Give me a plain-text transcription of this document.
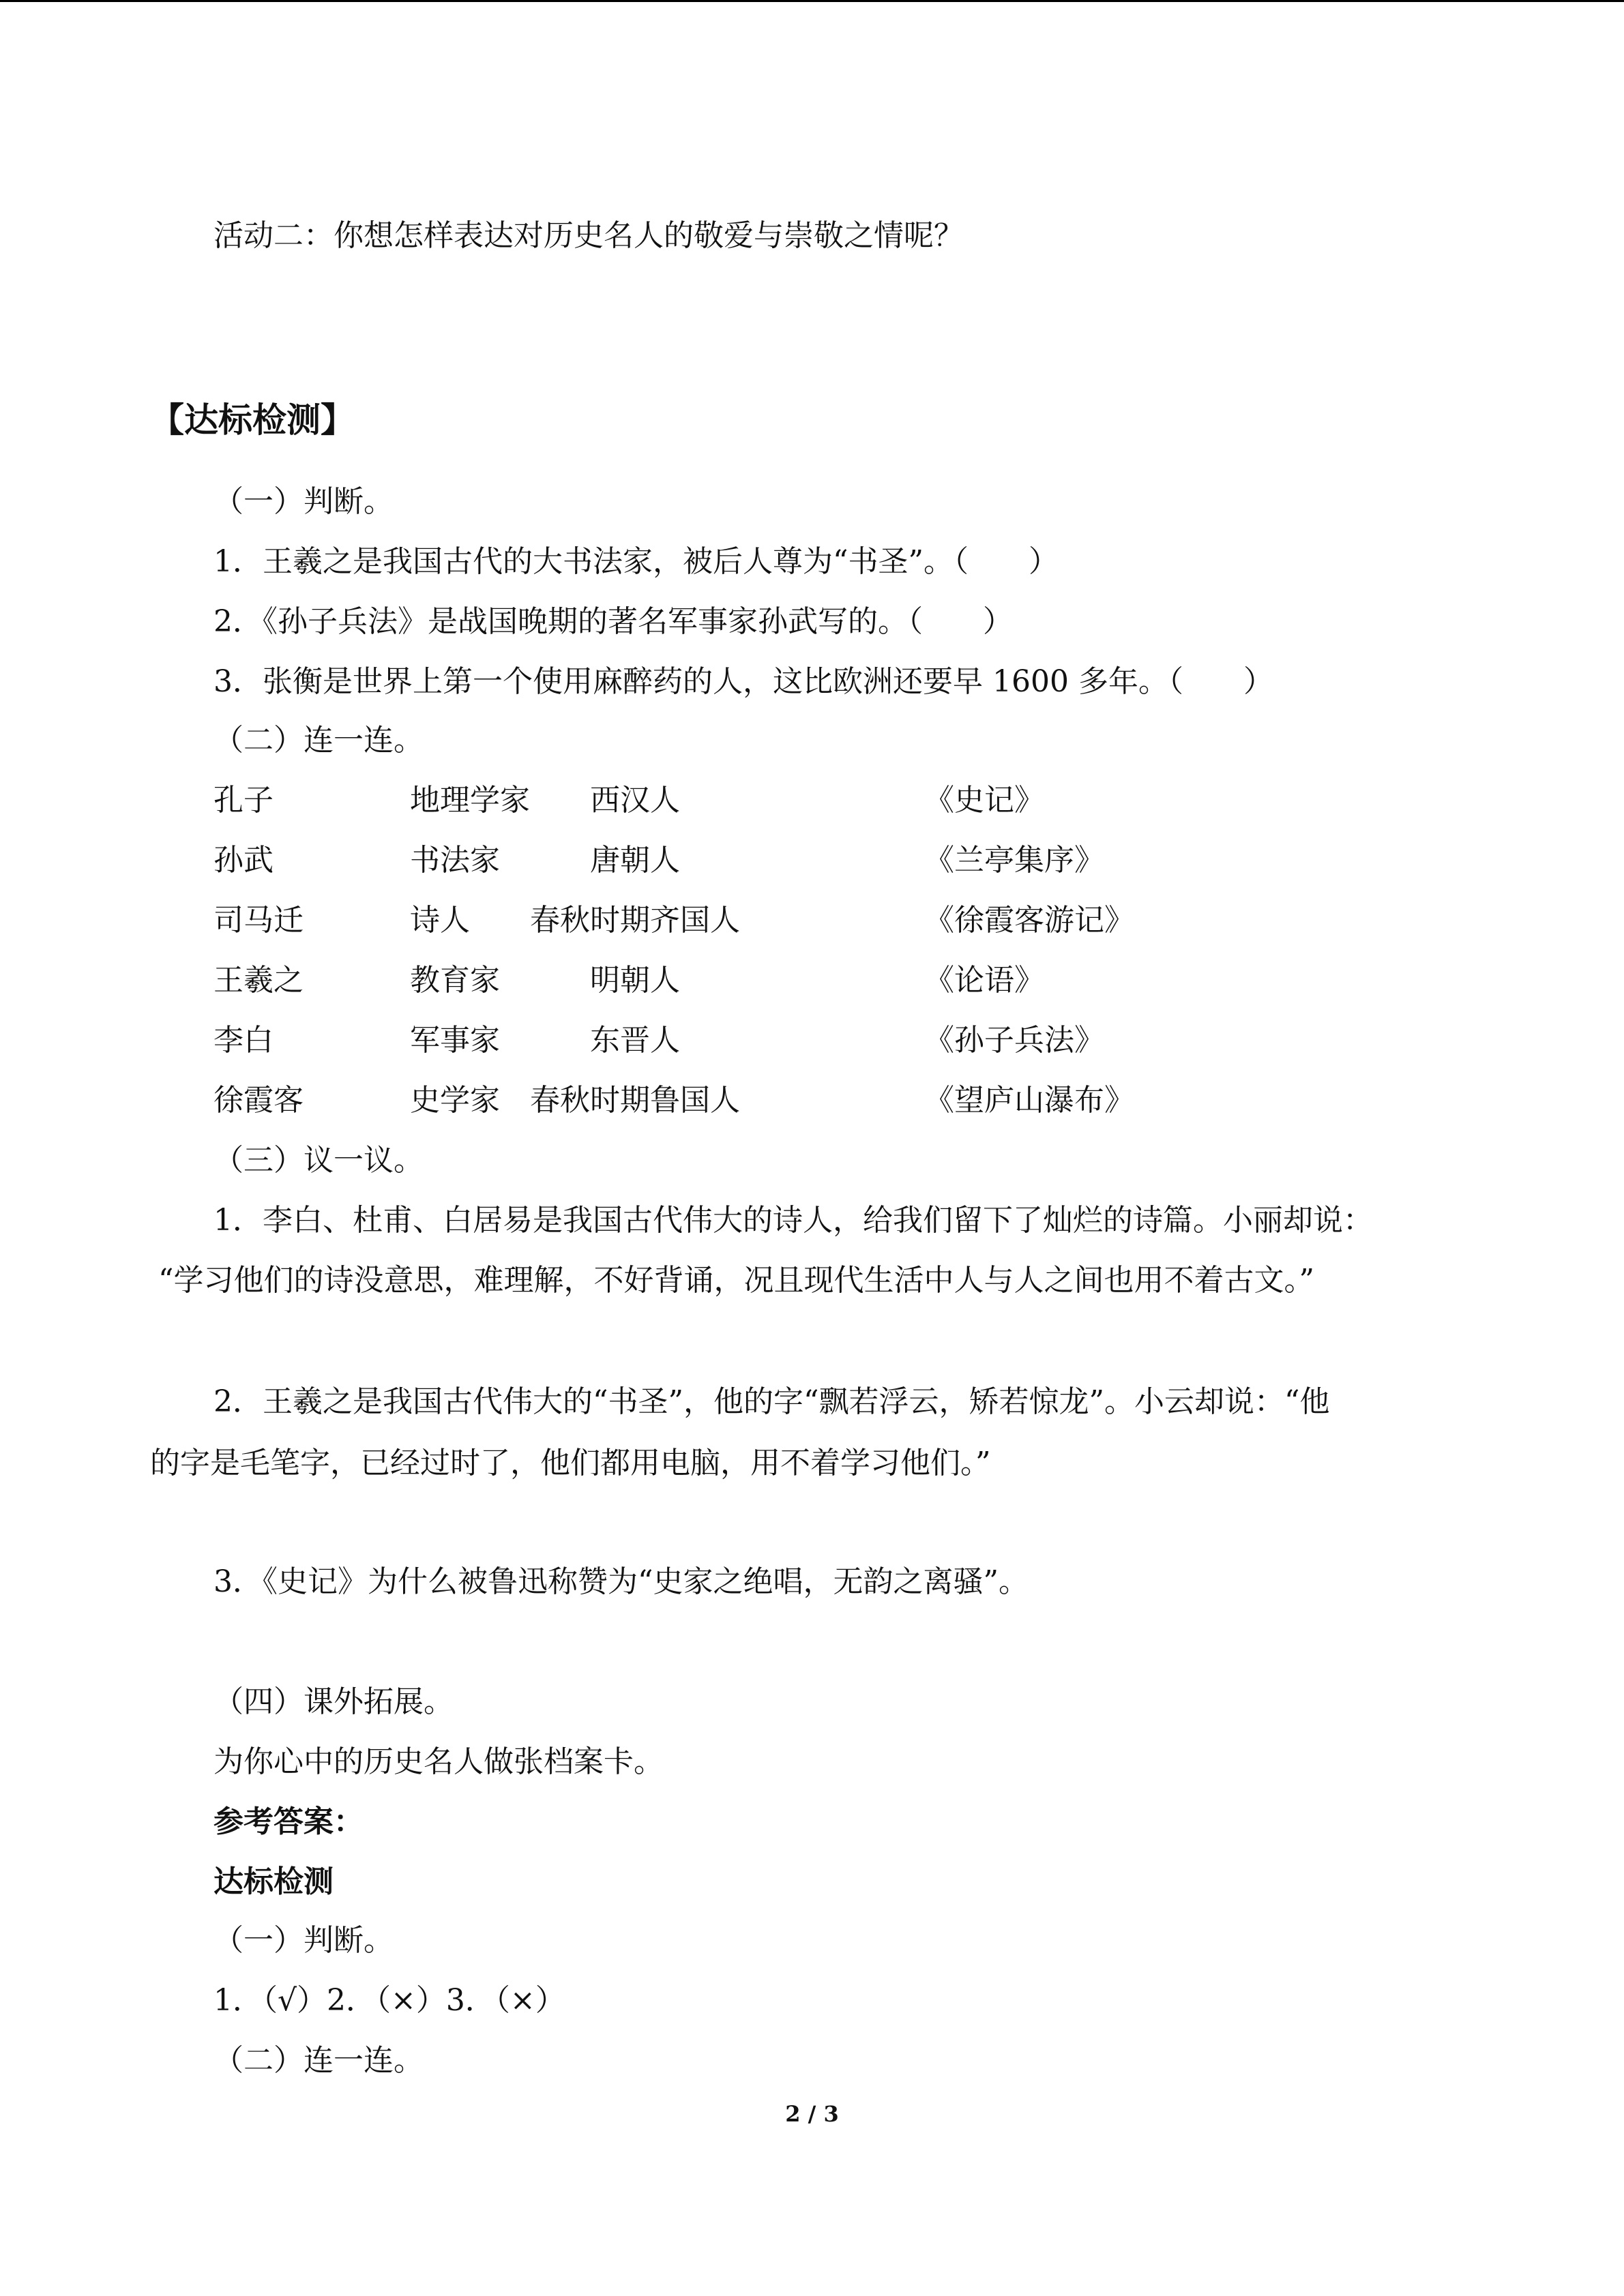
活动二：你想怎样表达对历史名人的敬爱与崇敬之情呢？
【达标检测】
（一）判断。
1．王羲之是我国古代的大书法家，被后人尊为“书圣”。（　　）
2．《孙子兵法》是战国晚期的著名军事家孙武写的。（　　）
3．张衡是世界上第一个使用麻醉药的人，这比欧洲还要早 1600 多年。（　　）
（二）连一连。
孔子	地理学家	西汉人	《史记》
孙武	书法家	唐朝人	《兰亭集序》
司马迁	诗人	春秋时期齐国人	《徐霞客游记》
王羲之	教育家	明朝人	《论语》
李白	军事家	东晋人	《孙子兵法》
徐霞客	史学家	春秋时期鲁国人	《望庐山瀑布》
（三）议一议。
1．李白、杜甫、白居易是我国古代伟大的诗人，给我们留下了灿烂的诗篇。小丽却说：
“学习他们的诗没意思，难理解，不好背诵，况且现代生活中人与人之间也用不着古文。”
2．王羲之是我国古代伟大的“书圣”，他的字“飘若浮云，矫若惊龙”。小云却说：“他
的字是毛笔字，已经过时了，他们都用电脑，用不着学习他们。”
3．《史记》为什么被鲁迅称赞为“史家之绝唱，无韵之离骚”。
（四）课外拓展。
为你心中的历史名人做张档案卡。
参考答案：
达标检测
（一）判断。
1．（√）2．（×）3．（×）
（二）连一连。
2 / 3
